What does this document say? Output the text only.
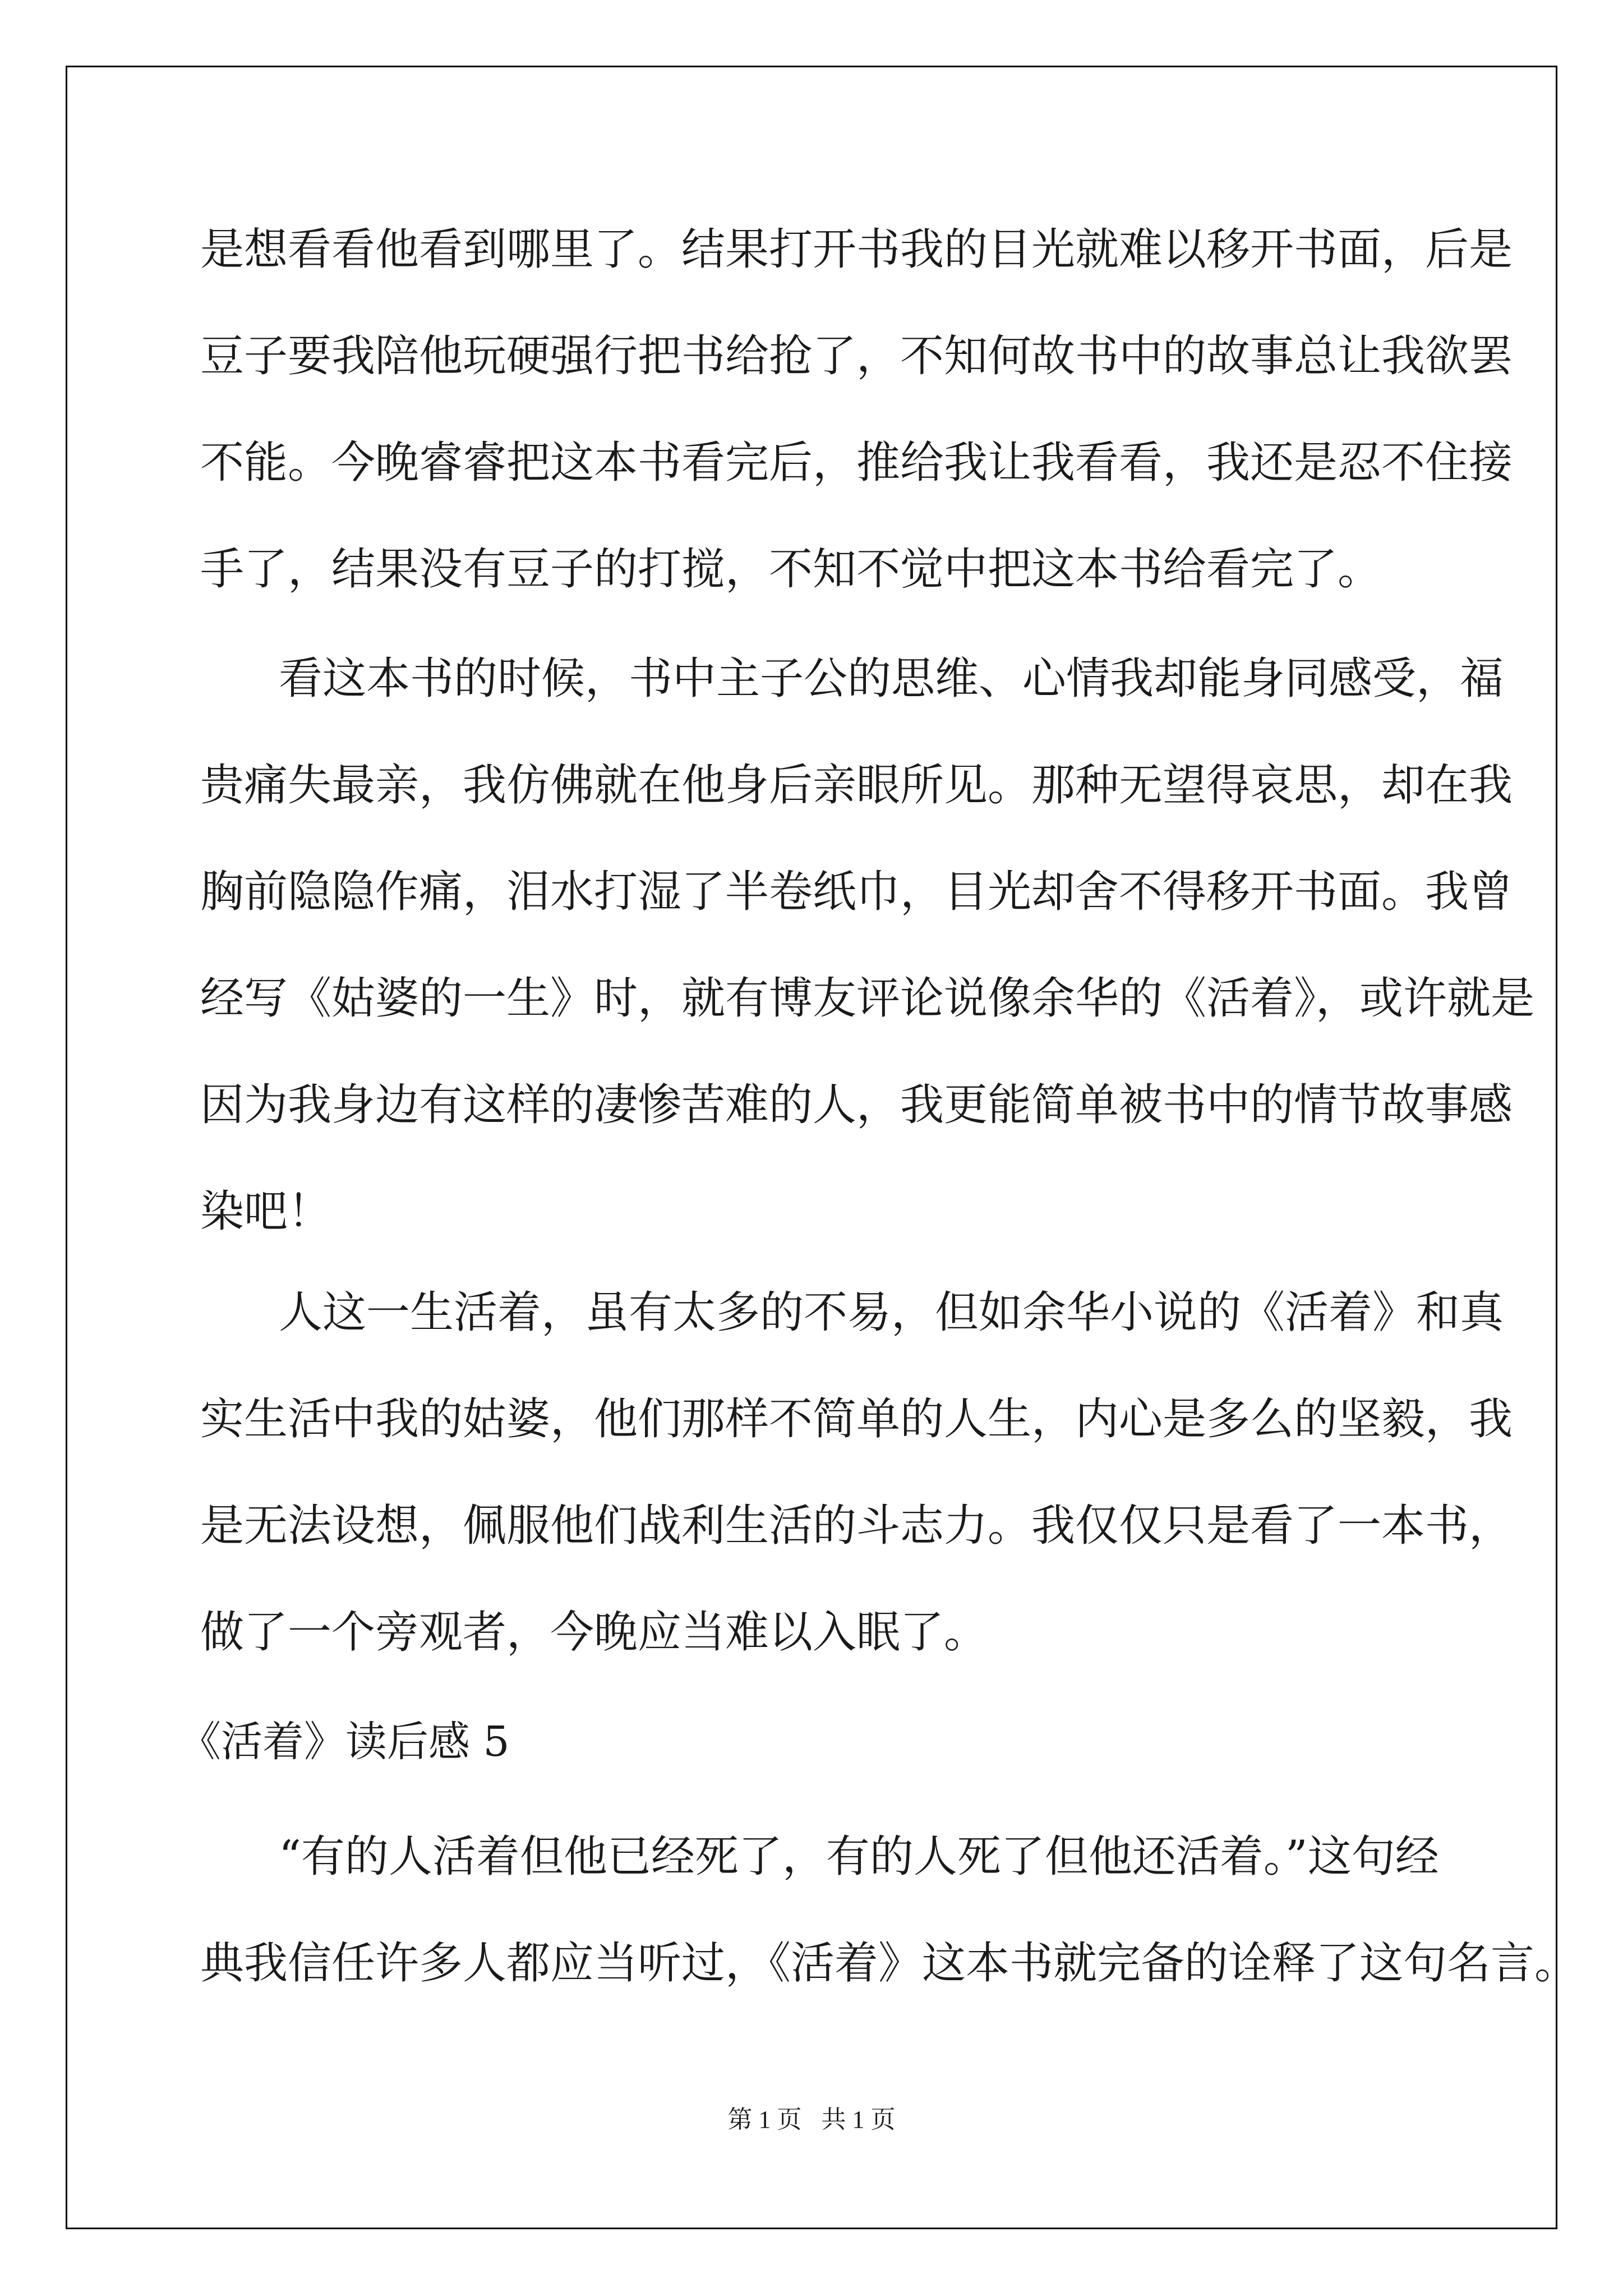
是想看看他看到哪里了。结果打开书我的目光就难以移开书面，后是
豆子要我陪他玩硬强行把书给抢了，不知何故书中的故事总让我欲罢
不能。今晚睿睿把这本书看完后，推给我让我看看，我还是忍不住接
手了，结果没有豆子的打搅，不知不觉中把这本书给看完了。
看这本书的时候，书中主子公的思维、心情我却能身同感受，福
贵痛失最亲，我仿佛就在他身后亲眼所见。那种无望得哀思，却在我
胸前隐隐作痛，泪水打湿了半卷纸巾，目光却舍不得移开书面。我曾
经写《姑婆的一生》时，就有博友评论说像余华的《活着》，或许就是
因为我身边有这样的凄惨苦难的人，我更能简单被书中的情节故事感
染吧！
人这一生活着，虽有太多的不易，但如余华小说的《活着》和真
实生活中我的姑婆，他们那样不简单的人生，内心是多么的坚毅，我
是无法设想，佩服他们战利生活的斗志力。我仅仅只是看了一本书，
做了一个旁观者，今晚应当难以入眠了。
《活着》读后感 5
“有的人活着但他已经死了，有的人死了但他还活着。”这句经
典我信任许多人都应当听过，《活着》这本书就完备的诠释了这句名言。
第 1 页 共 1 页
